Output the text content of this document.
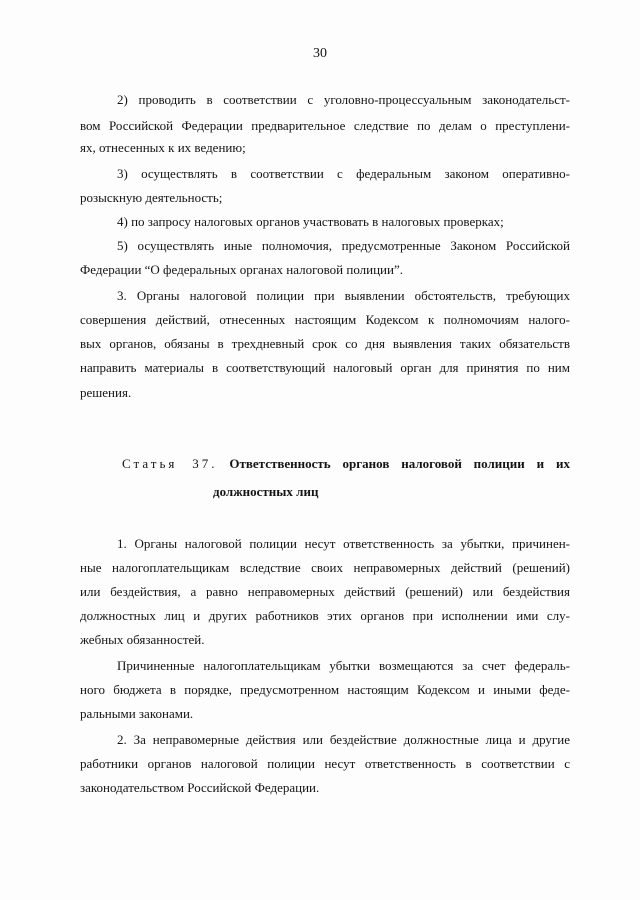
30

2) проводить в соответствии с уголовно-процессуальным законодательст-

вом Российской Федерации предварительное следствие по делам о преступлени-

ях, отнесенных к их ведению;

3) осуществлять в соответствии с федеральным законом оперативно-

розыскную деятельность;

4) по запросу налоговых органов участвовать в налоговых проверках;

5) осуществлять иные полномочия, предусмотренные Законом Российской

Федерации “О федеральных органах налоговой полиции”.

3. Органы налоговой полиции при выявлении обстоятельств, требующих

совершения действий, отнесенных настоящим Кодексом к полномочиям налого-

вых органов, обязаны в трехдневный срок со дня выявления таких обязательств

направить материалы в соответствующий налоговый орган для принятия по ним

решения.

Статья 37. Ответственность органов налоговой полиции и их
должностных лиц

1. Органы налоговой полиции несут ответственность за убытки, причинен-

ные налогоплательщикам вследствие своих неправомерных действий (решений)

или бездействия, а равно неправомерных действий (решений) или бездействия

должностных лиц и других работников этих органов при исполнении ими слу-

жебных обязанностей.

Причиненные налогоплательщикам убытки возмещаются за счет федераль-

ного бюджета в порядке, предусмотренном настоящим Кодексом и иными феде-

ральными законами.

2. За неправомерные действия или бездействие должностные лица и другие

работники органов налоговой полиции несут ответственность в соответствии с

законодательством Российской Федерации.
